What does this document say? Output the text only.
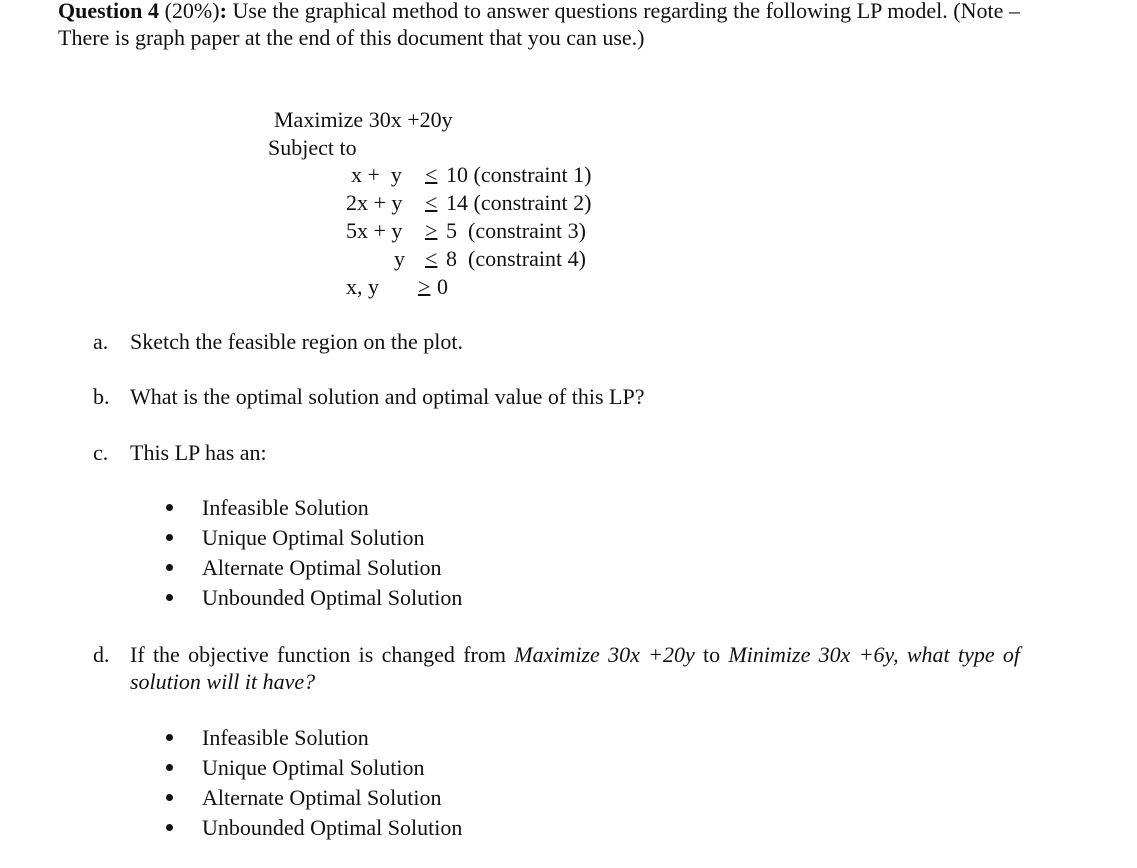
Question 4 (20%): Use the graphical method to answer questions regarding the following LP model. (Note – There is graph paper at the end of this document that you can use.)
Maximize 30x +20y
Subject to
x +  y < 10 (constraint 1)
2x + y < 14 (constraint 2)
5x + y > 5  (constraint 3)
y < 8  (constraint 4)
x, y > 0
a. Sketch the feasible region on the plot.
b. What is the optimal solution and optimal value of this LP?
c. This LP has an:
Infeasible Solution
Unique Optimal Solution
Alternate Optimal Solution
Unbounded Optimal Solution
d. If the objective function is changed from Maximize 30x +20y to Minimize 30x +6y, what type of solution will it have?
Infeasible Solution
Unique Optimal Solution
Alternate Optimal Solution
Unbounded Optimal Solution
